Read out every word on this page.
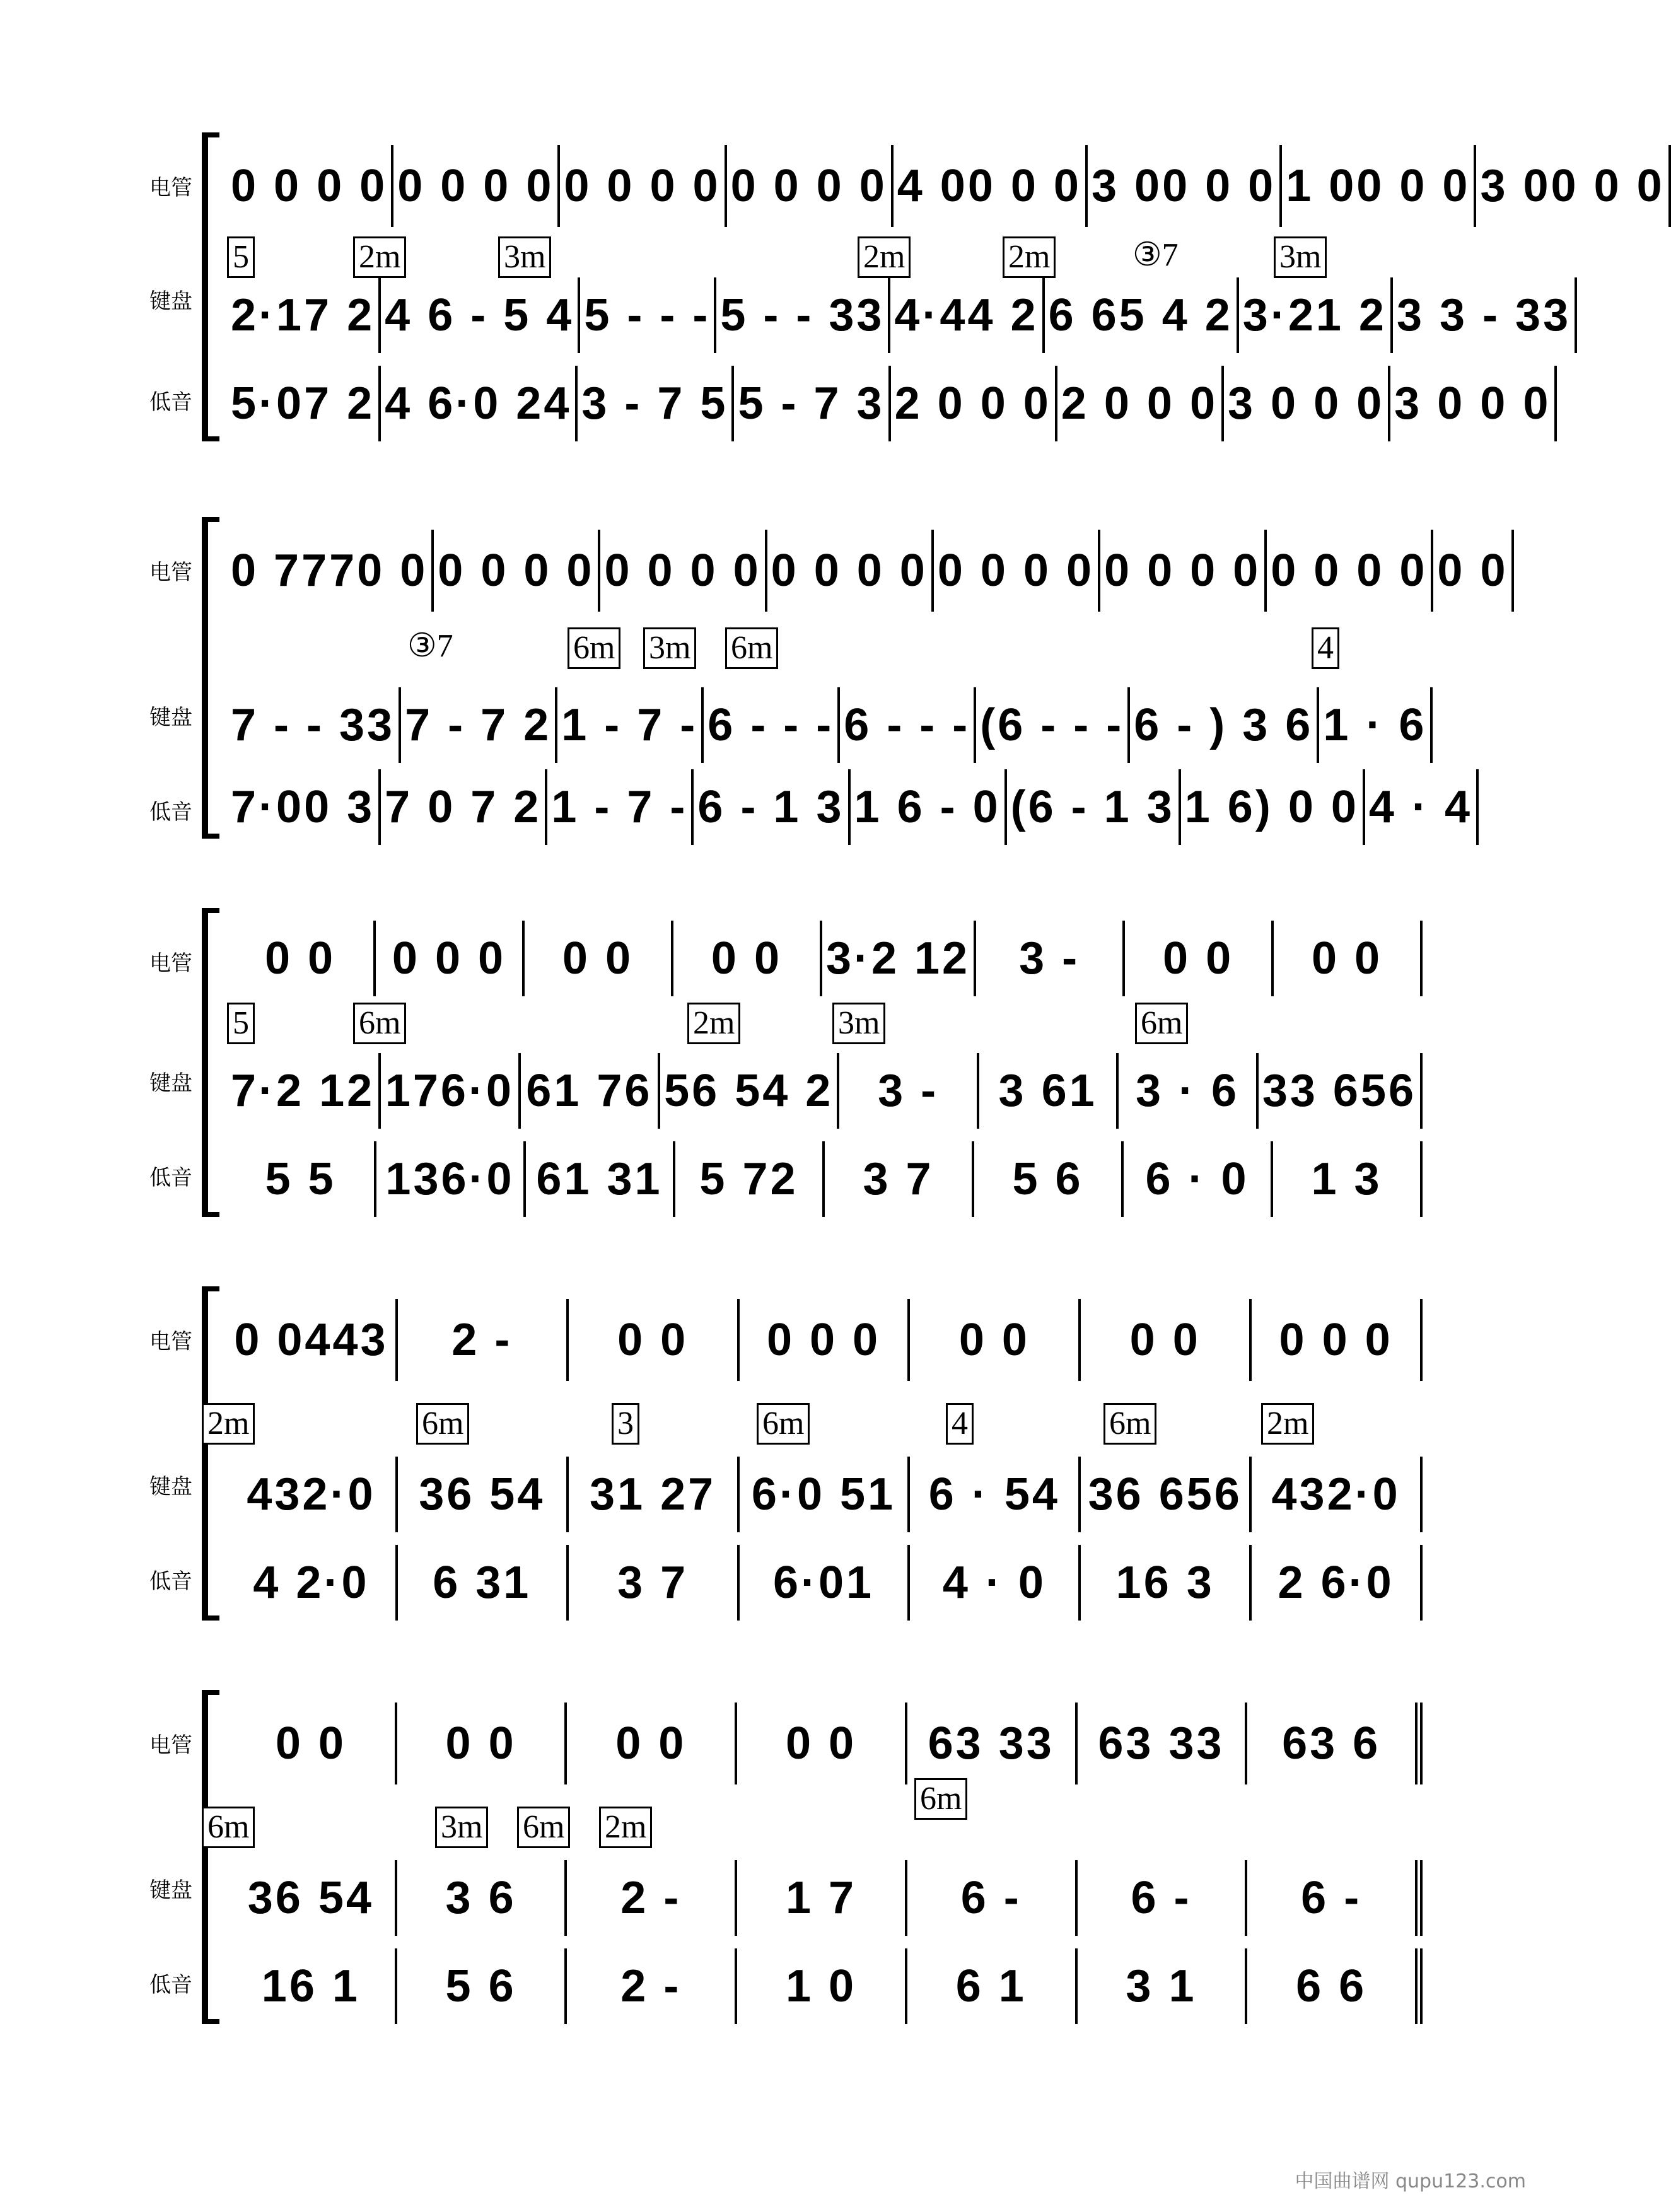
电管
键盘
低音
0 0 0 0 0 0 0 0 0 0 0 0 0 0 0 0 4 00 0 0 3 00 0 0 1 00 0 0 3 00 0 0
5	2m	3m	2m	2m	③7	3m
2·17 2 4 6 - 5 4 5 - - - 5 - - 33 4·44 2 6 65 4 2 3·21 2 3 3 - 33
5·07 2 4 6·0 24 3 - 7 5 5 - 7 3 2 0 0 0 2 0 0 0 3 0 0 0 3 0 0 0
电管
键盘
低音
0 7770 0 0 0 0 0 0 0 0 0 0 0 0 0 0 0 0 0 0 0 0 0 0 0 0 0 0 0
③7	6m 3m 6m	4
7 - - 33 7 - 7 2 1 - 7 - 6 - - - 6 - - - (6 - - - 6 - ) 3 6 1 · 6
7·00 3 7 0 7 2 1 - 7 - 6 - 1 3 1 6 - 0 (6 - 1 3 1 6) 0 0 4 · 4
电管
键盘
低音
0 0 0 0 0 0 0 0 0 3·2 12 3 - 0 0 0 0
5	6m	2m	3m	6m
7·2 12 176·0 61 76 56 54 2 3 - 3 61 3 · 6 33 656
5 5 136·0 61 31 5 72 3 7 5 6 6 · 0 1 3
电管
键盘
低音
0 0443 2 - 0 0 0 0 0 0 0 0 0 0 0 0
2m	6m	3	6m	4	6m	2m
432·0 36 54 31 27 6·0 51 6 · 54 36 656 432·0
4 2·0 6 31 3 7 6·01 4 · 0 16 3 2 6·0
电管
键盘
低音
0 0 0 0 0 0 0 0 63 33 63 33 63 6
6m	3m 6m 2m
6m
36 54 3 6 2 - 1 7 6 - 6 - 6 -
16 1 5 6 2 - 1 0 6 1 3 1 6 6
中国曲谱网 qupu123.com
